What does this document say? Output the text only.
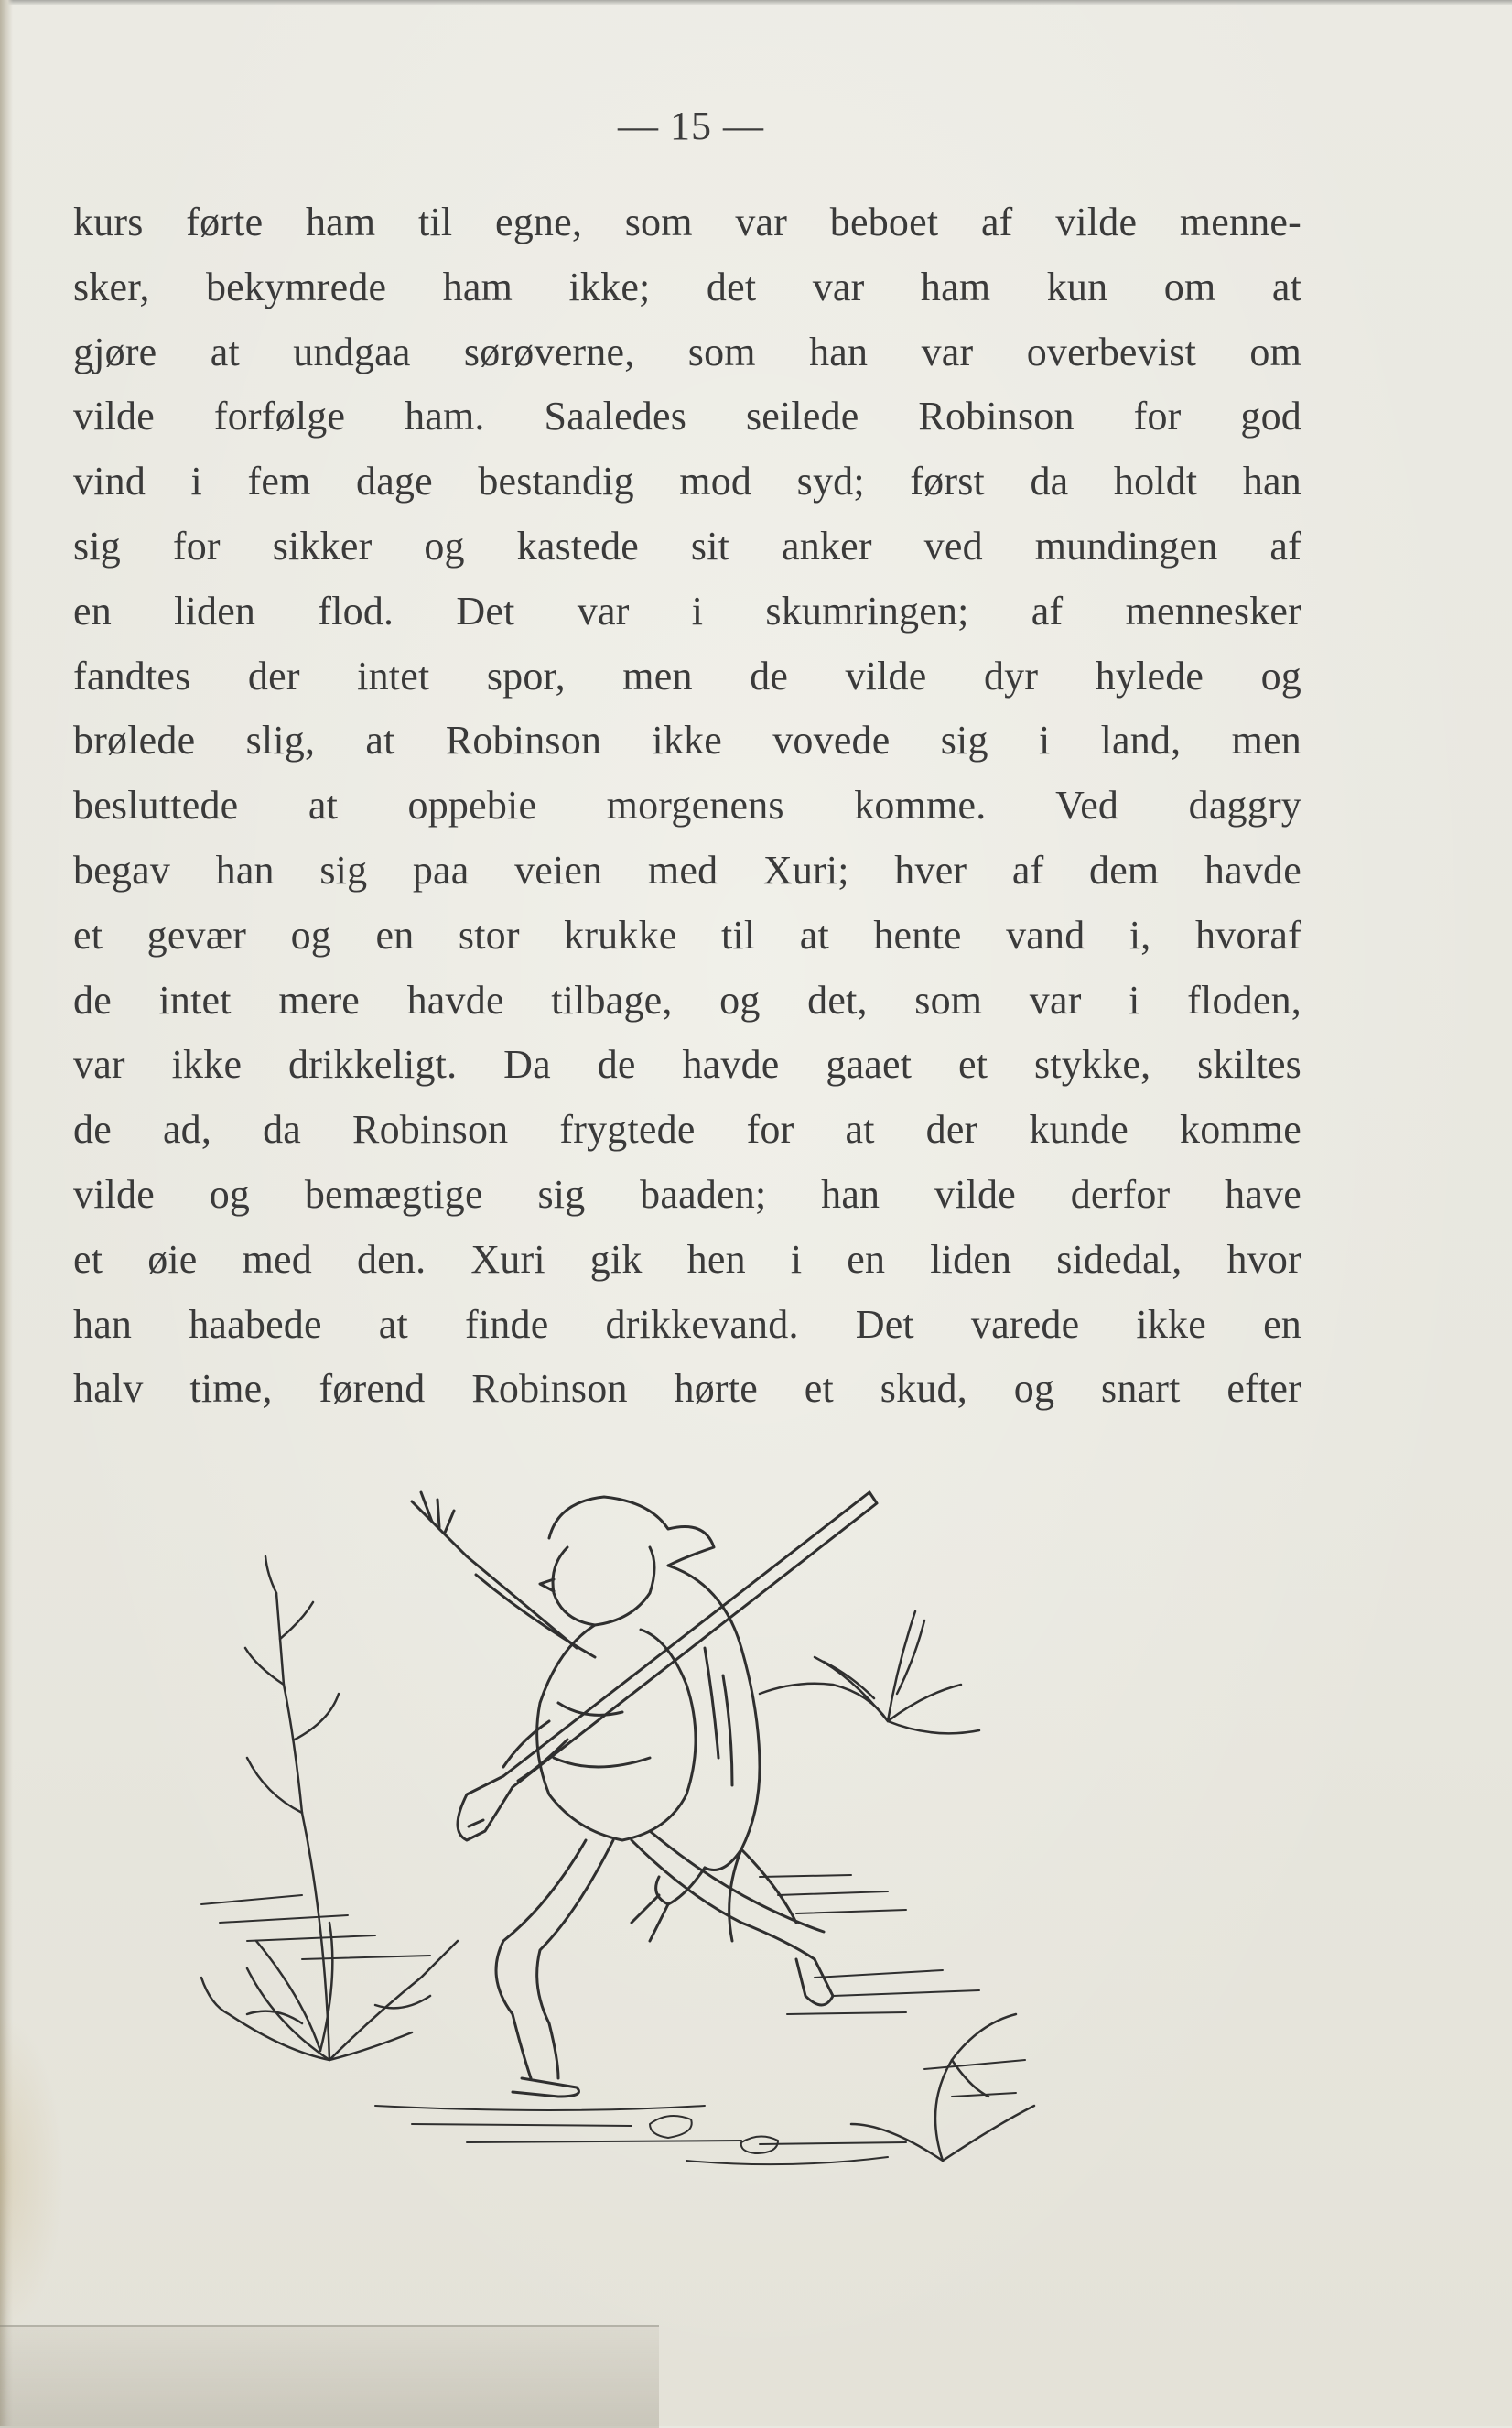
— 15 —
kurs førte ham til egne, som var beboet af vilde menne-
sker, bekymrede ham ikke; det var ham kun om at
gjøre at undgaa sørøverne, som han var overbevist om
vilde forfølge ham. Saaledes seilede Robinson for god
vind i fem dage bestandig mod syd; først da holdt han
sig for sikker og kastede sit anker ved mundingen af
en liden flod. Det var i skumringen; af mennesker
fandtes der intet spor, men de vilde dyr hylede og
brølede slig, at Robinson ikke vovede sig i land, men
besluttede at oppebie morgenens komme. Ved daggry
begav han sig paa veien med Xuri; hver af dem havde
et gevær og en stor krukke til at hente vand i, hvoraf
de intet mere havde tilbage, og det, som var i floden,
var ikke drikkeligt. Da de havde gaaet et stykke, skiltes
de ad, da Robinson frygtede for at der kunde komme
vilde og bemægtige sig baaden; han vilde derfor have
et øie med den. Xuri gik hen i en liden sidedal, hvor
han haabede at finde drikkevand. Det varede ikke en
halv time, førend Robinson hørte et skud, og snart efter
